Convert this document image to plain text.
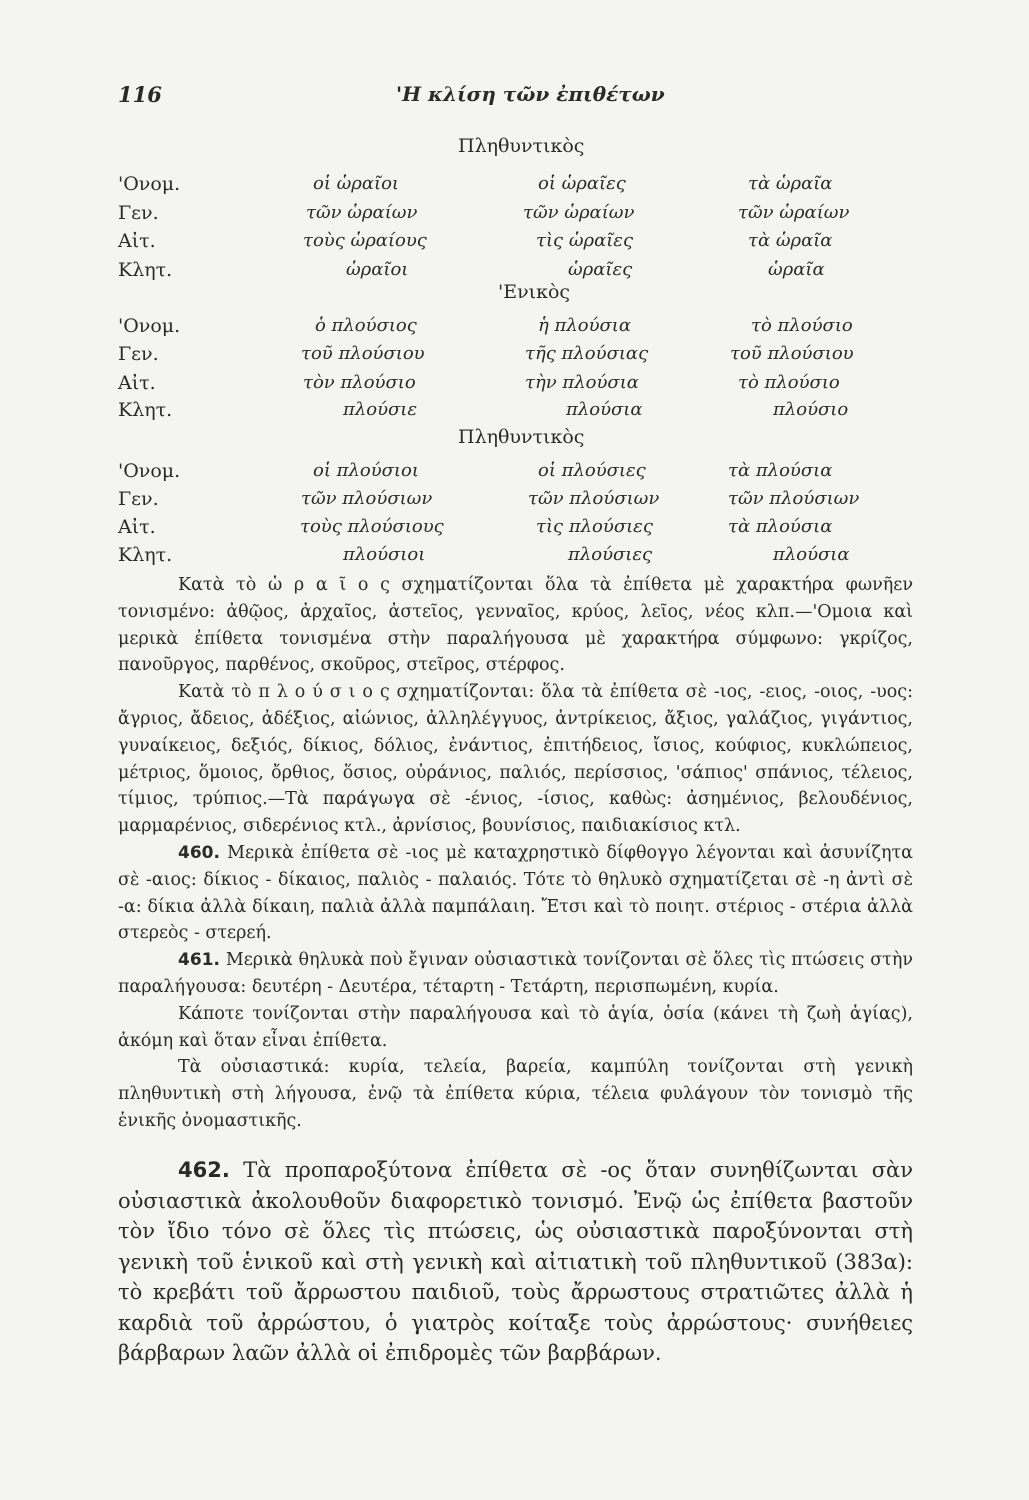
116	'Η κλίση τῶν ἐπιθέτων
Πληθυντικὸς
'Ονομ.	οἱ ὡραῖοι	οἱ ὡραῖες	τὰ ὡραῖα
Γεν.	τῶν ὡραίων	τῶν ὡραίων	τῶν ὡραίων
Αἰτ.	τοὺς ὡραίους	τὶς ὡραῖες	τὰ ὡραῖα
Κλητ.	ὡραῖοι	ὡραῖες	ὡραῖα
'Ενικὸς
'Ονομ.	ὁ πλούσιος	ἡ πλούσια	τὸ πλούσιο
Γεν.	τοῦ πλούσιου	τῆς πλούσιας	τοῦ πλούσιου
Αἰτ.	τὸν πλούσιο	τὴν πλούσια	τὸ πλούσιο
Κλητ.	πλούσιε	πλούσια	πλούσιο
Πληθυντικὸς
'Ονομ.	οἱ πλούσιοι	οἱ πλούσιες	τὰ πλούσια
Γεν.	τῶν πλούσιων	τῶν πλούσιων	τῶν πλούσιων
Αἰτ.	τοὺς πλούσιους	τὶς πλούσιες	τὰ πλούσια
Κλητ.	πλούσιοι	πλούσιες	πλούσια

Κατὰ τὸ ὡ ρ α ῖ ο ς σχηματίζονται ὅλα τὰ ἐπίθετα μὲ χαρακτήρα φωνῆεν τονισμένο: ἀθῷος, ἀρχαῖος, ἀστεῖος, γενναῖος, κρύος, λεῖος, νέος κλπ.—'Ομοια καὶ μερικὰ ἐπίθετα τονισμένα στὴν παραλήγουσα μὲ χαρακτήρα σύμφωνο: γκρίζος, πανοῦργος, παρθένος, σκοῦρος, στεῖρος, στέρφος.

Κατὰ τὸ π λ ο ύ σ ι ο ς σχηματίζονται: ὅλα τὰ ἐπίθετα σὲ -ιος, -ειος, -οιος, -υος: ἄγριος, ἄδειος, ἀδέξιος, αἰώνιος, ἀλληλέγγυος, ἀντρίκειος, ἄξιος, γαλάζιος, γιγάντιος, γυναίκειος, δεξιός, δίκιος, δόλιος, ἐνάντιος, ἐπιτήδειος, ἴσιος, κούφιος, κυκλώπειος, μέτριος, ὅμοιος, ὄρθιος, ὅσιος, οὐράνιος, παλιός, περίσσιος, 'σάπιος' σπάνιος, τέλειος, τίμιος, τρύπιος.—Τὰ παράγωγα σὲ -ένιος, -ίσιος, καθὼς: ἀσημένιος, βελουδένιος, μαρμαρένιος, σιδερένιος κτλ., ἀρνίσιος, βουνίσιος, παιδιακίσιος κτλ.

460. Μερικὰ ἐπίθετα σὲ -ιος μὲ καταχρηστικὸ δίφθογγο λέγονται καὶ ἀσυνίζητα σὲ -αιος: δίκιος - δίκαιος, παλιὸς - παλαιός. Τότε τὸ θηλυκὸ σχηματίζεται σὲ -η ἀντὶ σὲ -α: δίκια ἀλλὰ δίκαιη, παλιὰ ἀλλὰ παμπάλαιη. Ἔτσι καὶ τὸ ποιητ. στέριος - στέρια ἀλλὰ στερεὸς - στερεή.

461. Μερικὰ θηλυκὰ ποὺ ἔγιναν οὐσιαστικὰ τονίζονται σὲ ὅλες τὶς πτώσεις στὴν παραλήγουσα: δευτέρη - Δευτέρα, τέταρτη - Τετάρτη, περισπωμένη, κυρία.

Κάποτε τονίζονται στὴν παραλήγουσα καὶ τὸ ἁγία, ὁσία (κάνει τὴ ζωὴ ἁγίας), ἀκόμη καὶ ὅταν εἶναι ἐπίθετα.

Τὰ οὐσιαστικά: κυρία, τελεία, βαρεία, καμπύλη τονίζονται στὴ γενικὴ πληθυντικὴ στὴ λήγουσα, ἐνῷ τὰ ἐπίθετα κύρια, τέλεια φυλάγουν τὸν τονισμὸ τῆς ἑνικῆς ὀνομαστικῆς.

462. Τὰ προπαροξύτονα ἐπίθετα σὲ -ος ὅταν συνηθίζωνται σὰν οὐσιαστικὰ ἀκολουθοῦν διαφορετικὸ τονισμό. Ἐνῷ ὡς ἐπίθετα βαστοῦν τὸν ἴδιο τόνο σὲ ὅλες τὶς πτώσεις, ὡς οὐσιαστικὰ παροξύνονται στὴ γενικὴ τοῦ ἑνικοῦ καὶ στὴ γενικὴ καὶ αἰτιατικὴ τοῦ πληθυντικοῦ (383α): τὸ κρεβάτι τοῦ ἄρρωστου παιδιοῦ, τοὺς ἄρρωστους στρατιῶτες ἀλλὰ ἡ καρδιὰ τοῦ ἀρρώστου, ὁ γιατρὸς κοίταξε τοὺς ἀρρώστους· συνήθειες βάρβαρων λαῶν ἀλλὰ οἱ ἐπιδρομὲς τῶν βαρβάρων.
